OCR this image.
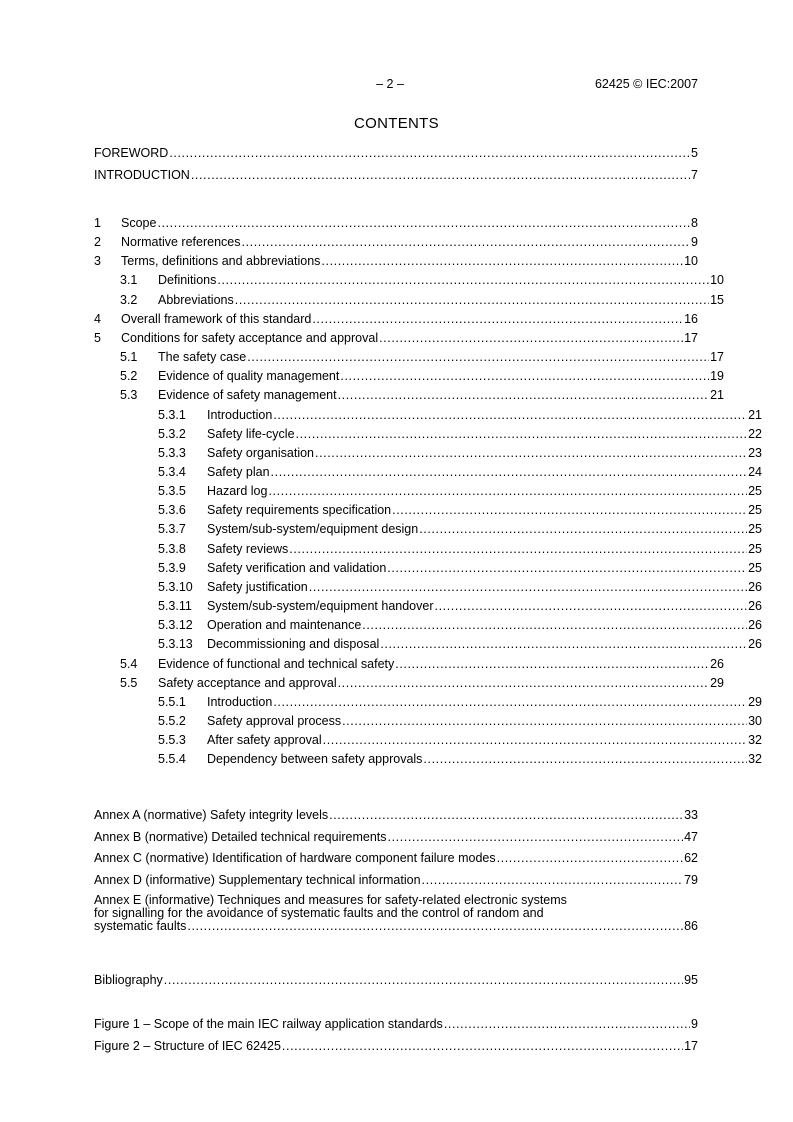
– 2 –	62425 © IEC:2007
CONTENTS
FOREWORD .....	5
INTRODUCTION .....	7
1	Scope .....	8
2	Normative references .....	9
3	Terms, definitions and abbreviations .....	10
3.1	Definitions .....	10
3.2	Abbreviations .....	15
4	Overall framework of this standard .....	16
5	Conditions for safety acceptance and approval .....	17
5.1	The safety case .....	17
5.2	Evidence of quality management .....	19
5.3	Evidence of safety management .....	21
5.3.1	Introduction .....	21
5.3.2	Safety life-cycle .....	22
5.3.3	Safety organisation .....	23
5.3.4	Safety plan .....	24
5.3.5	Hazard log .....	25
5.3.6	Safety requirements specification .....	25
5.3.7	System/sub-system/equipment design .....	25
5.3.8	Safety reviews .....	25
5.3.9	Safety verification and validation .....	25
5.3.10	Safety justification .....	26
5.3.11	System/sub-system/equipment handover .....	26
5.3.12	Operation and maintenance .....	26
5.3.13	Decommissioning and disposal .....	26
5.4	Evidence of functional and technical safety .....	26
5.5	Safety acceptance and approval .....	29
5.5.1	Introduction .....	29
5.5.2	Safety approval process .....	30
5.5.3	After safety approval .....	32
5.5.4	Dependency between safety approvals .....	32
Annex A (normative) Safety integrity levels .....	33
Annex B (normative) Detailed technical requirements .....	47
Annex C (normative) Identification of hardware component failure modes .....	62
Annex D (informative) Supplementary technical information .....	79
Annex E (informative) Techniques and measures for safety-related electronic systems
for signalling for the avoidance of systematic faults and the control of random and
systematic faults .....	86
Bibliography .....	95
Figure 1 – Scope of the main IEC railway application standards .....	9
Figure 2 – Structure of IEC 62425 .....	17
